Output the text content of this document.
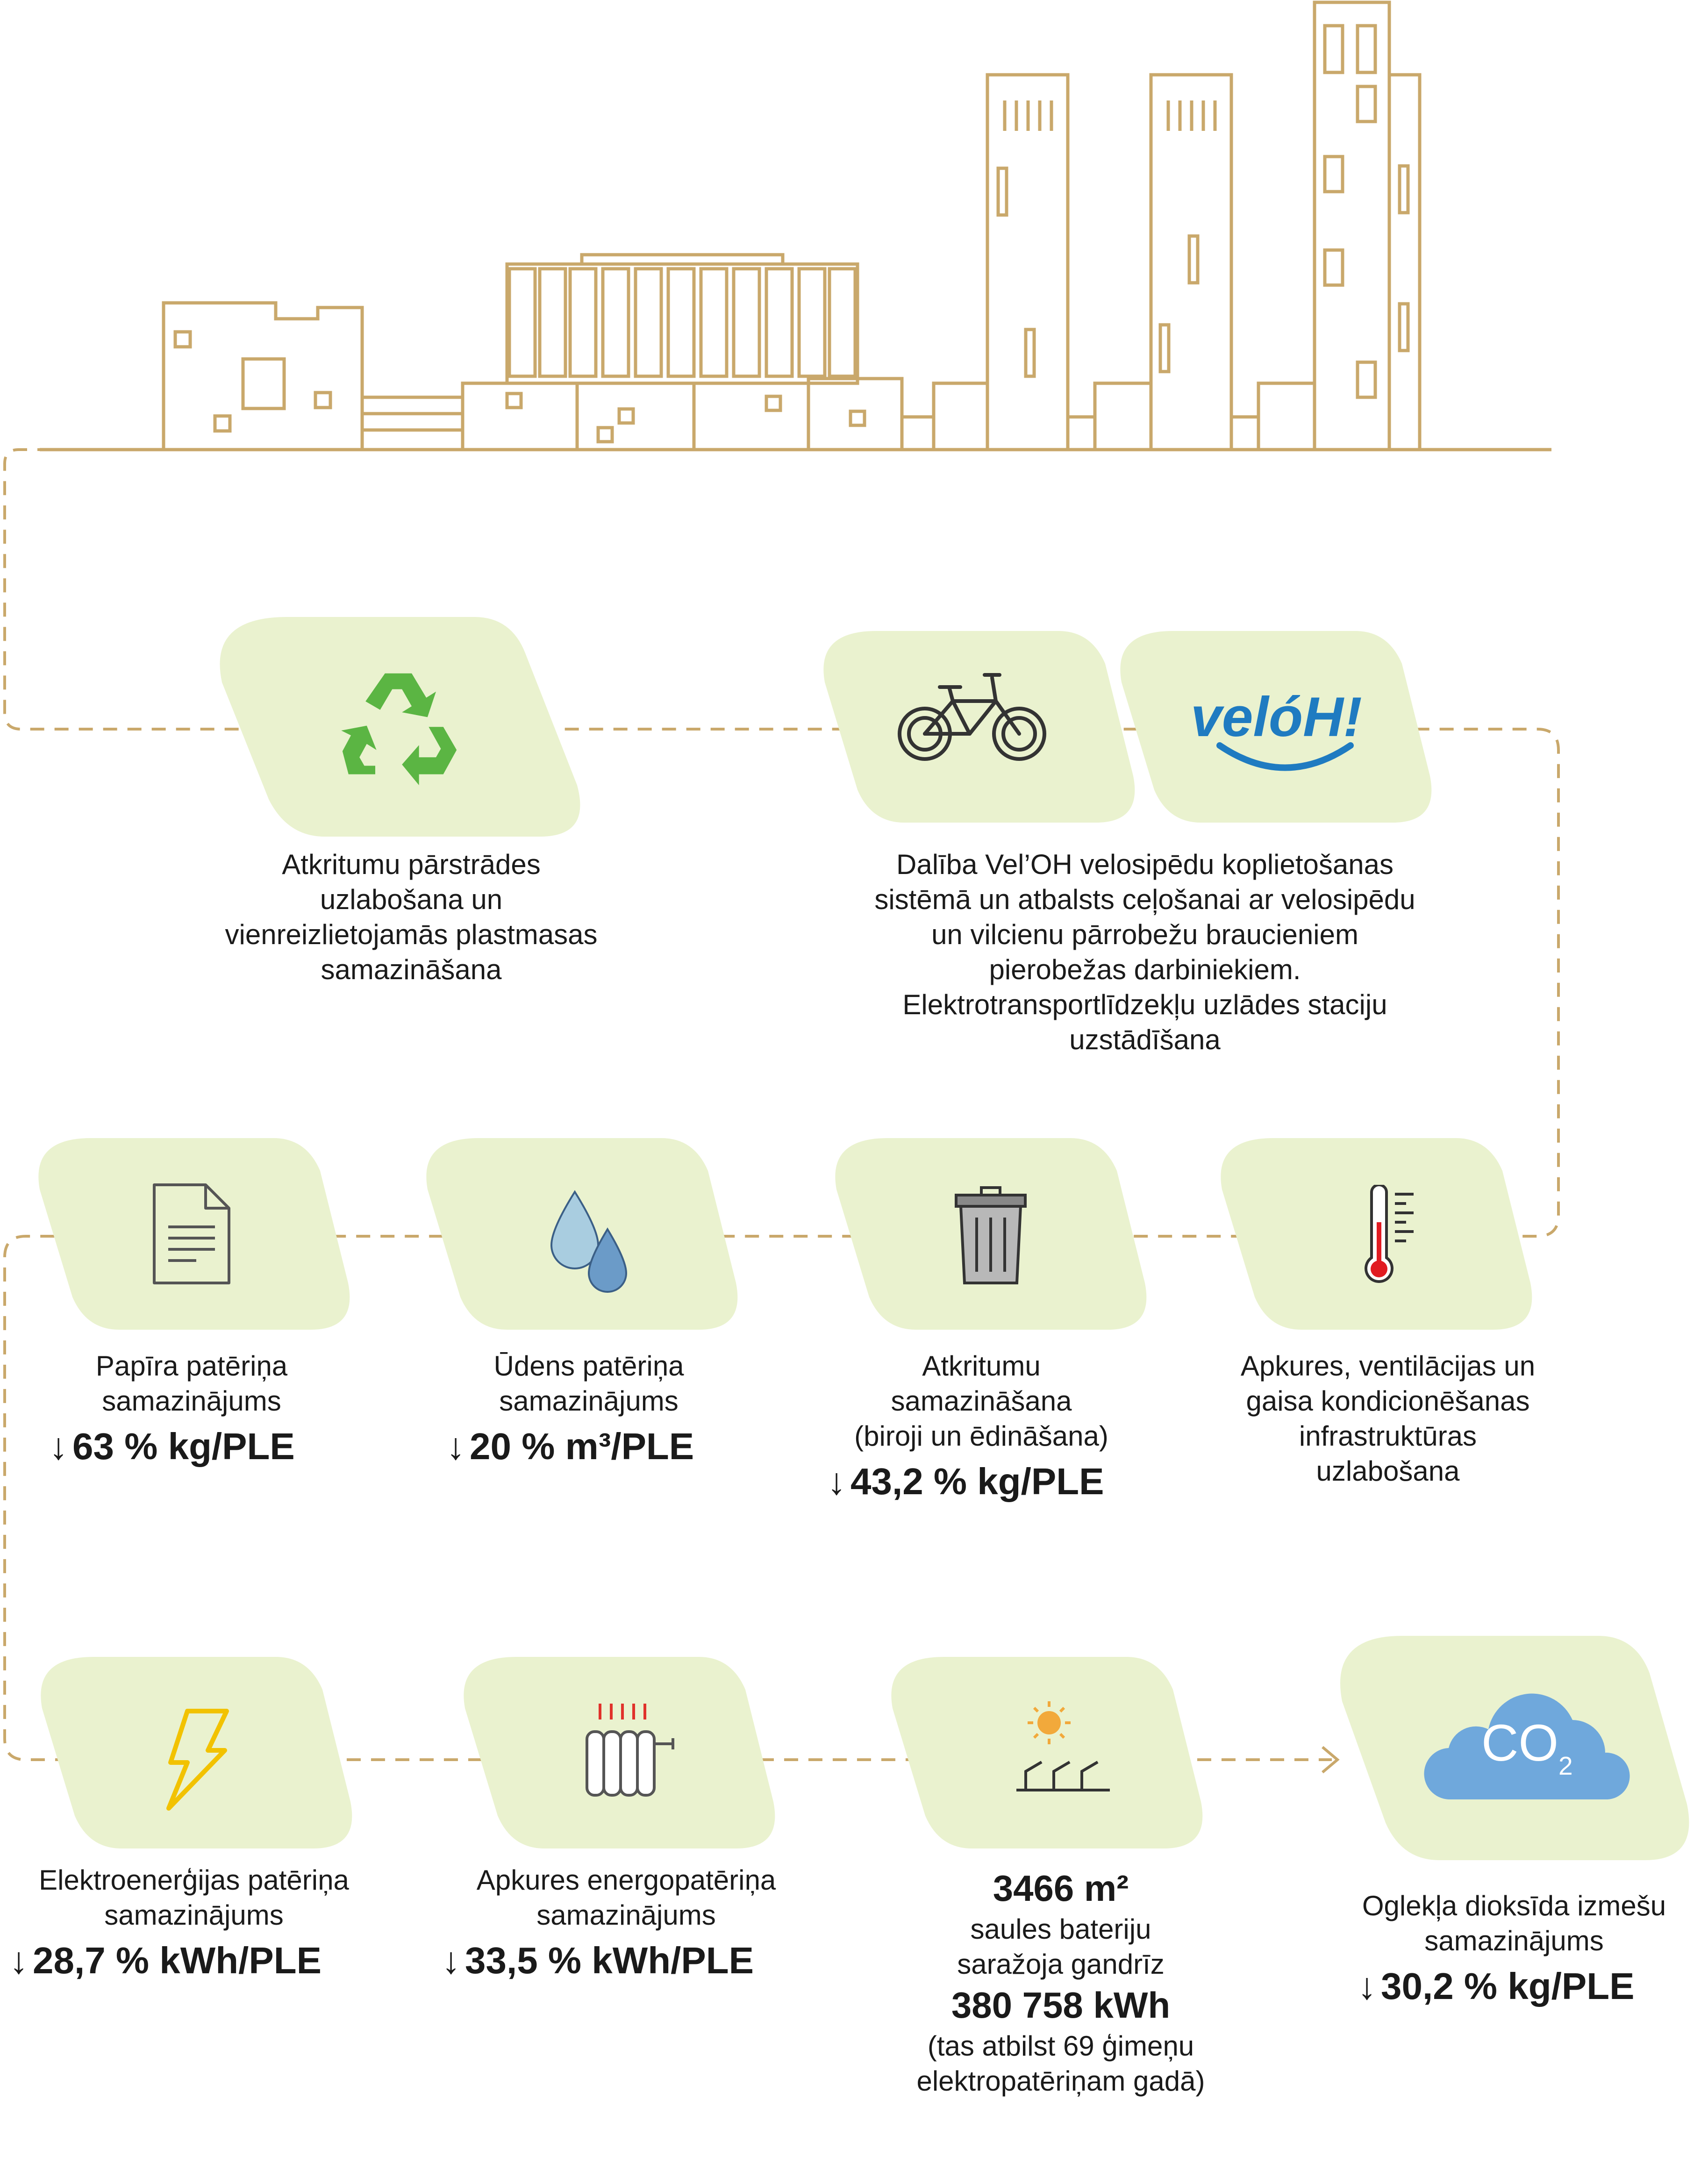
velóH!
$CO_2$
Atkritumu pārstrādes
uzlabošana un
vienreizlietojamās plastmasas
samazināšana
Dalība Vel’OH velosipēdu koplietošanas
sistēmā un atbalsts ceļošanai ar velosipēdu
un vilcienu pārrobežu braucieniem
pierobežas darbiniekiem.
Elektrotransportlīdzekļu uzlādes staciju
uzstādīšana
Papīra patēriņa
samazinājums
↓ 63 % kg/PLE
Ūdens patēriņa
samazinājums
↓ 20 % m³/PLE
Atkritumu
samazināšana
(biroji un ēdināšana)
↓ 43,2 % kg/PLE
Apkures, ventilācijas un
gaisa kondicionēšanas
infrastruktūras
uzlabošana
Elektroenerģijas patēriņa
samazinājums
↓ 28,7 % kWh/PLE
Apkures energopatēriņa
samazinājums
↓ 33,5 % kWh/PLE
3466 m²
saules bateriju
saražoja gandrīz
380 758 kWh
(tas atbilst 69 ģimeņu
elektropatēriņam gadā)
Oglekļa dioksīda izmešu
samazinājums
↓ 30,2 % kg/PLE
